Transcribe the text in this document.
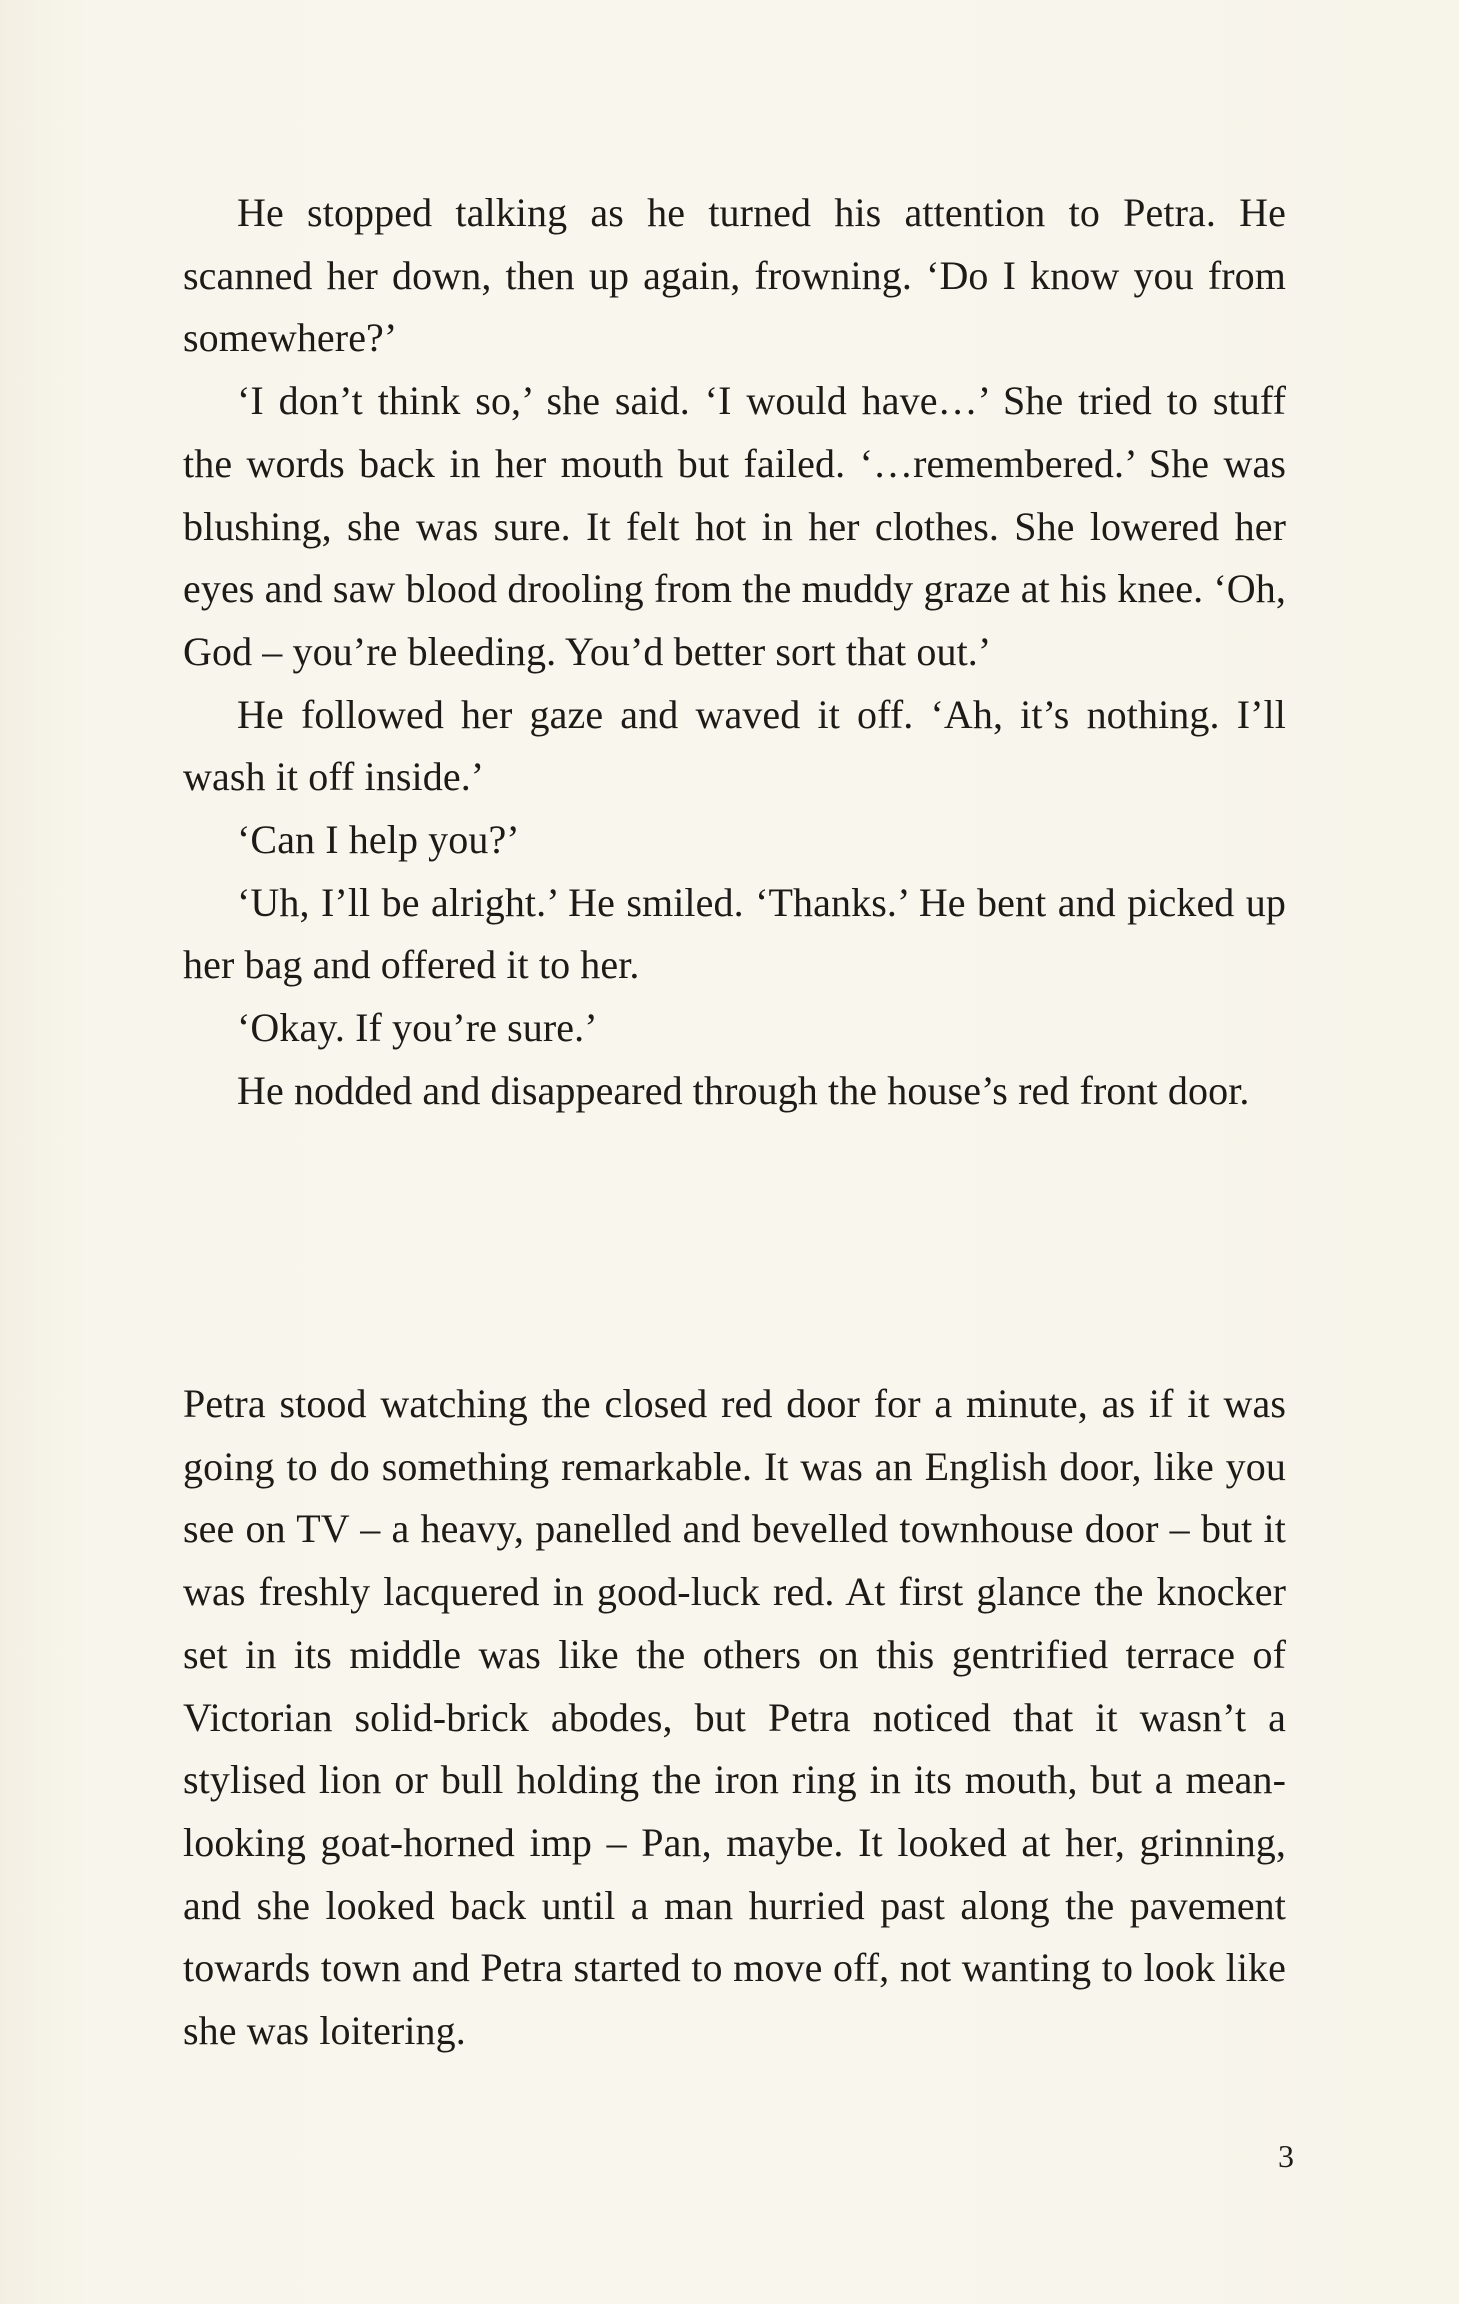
He stopped talking as he turned his attention to Petra. He scanned her down, then up again, frowning. ‘Do I know you from somewhere?’

‘I don’t think so,’ she said. ‘I would have…’ She tried to stuff the words back in her mouth but failed. ‘…remembered.’ She was blushing, she was sure. It felt hot in her clothes. She lowered her eyes and saw blood drooling from the muddy graze at his knee. ‘Oh, God – you’re bleeding. You’d better sort that out.’

He followed her gaze and waved it off. ‘Ah, it’s nothing. I’ll wash it off inside.’

‘Can I help you?’

‘Uh, I’ll be alright.’ He smiled. ‘Thanks.’ He bent and picked up her bag and offered it to her.

‘Okay. If you’re sure.’

He nodded and disappeared through the house’s red front door.

Petra stood watching the closed red door for a minute, as if it was going to do something remarkable. It was an English door, like you see on TV – a heavy, panelled and bevelled townhouse door – but it was freshly lacquered in good-luck red. At first glance the knocker set in its middle was like the others on this gentrified terrace of Victorian solid-brick abodes, but Petra noticed that it wasn’t a stylised lion or bull holding the iron ring in its mouth, but a mean-looking goat-horned imp – Pan, maybe. It looked at her, grinning, and she looked back until a man hurried past along the pavement towards town and Petra started to move off, not wanting to look like she was loitering.

3
